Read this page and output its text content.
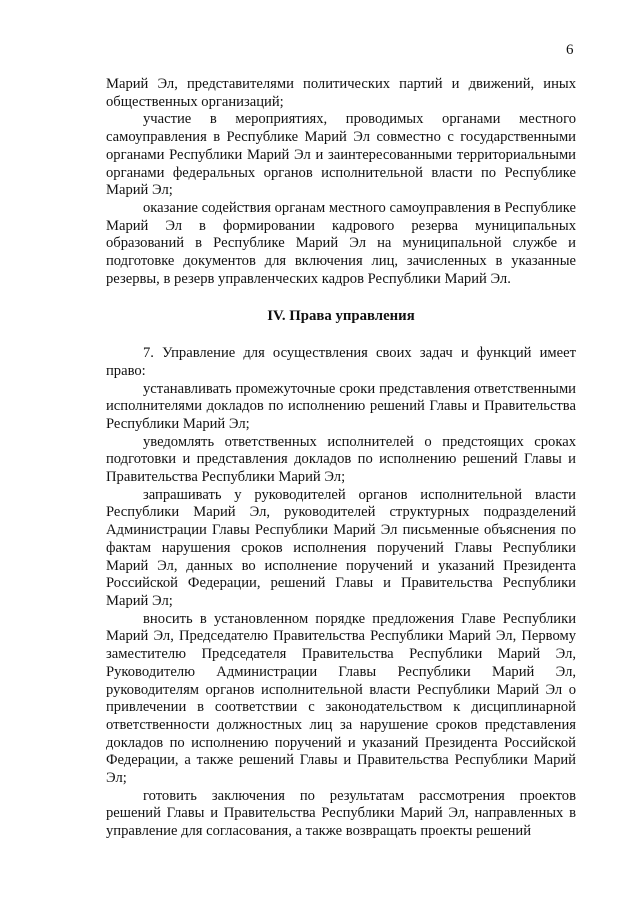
6

Марий Эл, представителями политических партий и движений, иных общественных организаций;

участие в мероприятиях, проводимых органами местного самоуправления в Республике Марий Эл совместно с государственными органами Республики Марий Эл и заинтересованными территориальными органами федеральных органов исполнительной власти по Республике Марий Эл;

оказание содействия органам местного самоуправления в Республике Марий Эл в формировании кадрового резерва муниципальных образований в Республике Марий Эл на муниципальной службе и подготовке документов для включения лиц, зачисленных в указанные резервы, в резерв управленческих кадров Республики Марий Эл.

IV. Права управления

7. Управление для осуществления своих задач и функций имеет право:

устанавливать промежуточные сроки представления ответственными исполнителями докладов по исполнению решений Главы и Правительства Республики Марий Эл;

уведомлять ответственных исполнителей о предстоящих сроках подготовки и представления докладов по исполнению решений Главы и Правительства Республики Марий Эл;

запрашивать у руководителей органов исполнительной власти Республики Марий Эл, руководителей структурных подразделений Администрации Главы Республики Марий Эл письменные объяснения по фактам нарушения сроков исполнения поручений Главы Республики Марий Эл, данных во исполнение поручений и указаний Президента Российской Федерации, решений Главы и Правительства Республики Марий Эл;

вносить в установленном порядке предложения Главе Республики Марий Эл, Председателю Правительства Республики Марий Эл, Первому заместителю Председателя Правительства Республики Марий Эл, Руководителю Администрации Главы Республики Марий Эл, руководителям органов исполнительной власти Республики Марий Эл о привлечении в соответствии с законодательством к дисциплинарной ответственности должностных лиц за нарушение сроков представления докладов по исполнению поручений и указаний Президента Российской Федерации, а также решений Главы и Правительства Республики Марий Эл;

готовить заключения по результатам рассмотрения проектов решений Главы и Правительства Республики Марий Эл, направленных в управление для согласования, а также возвращать проекты решений
